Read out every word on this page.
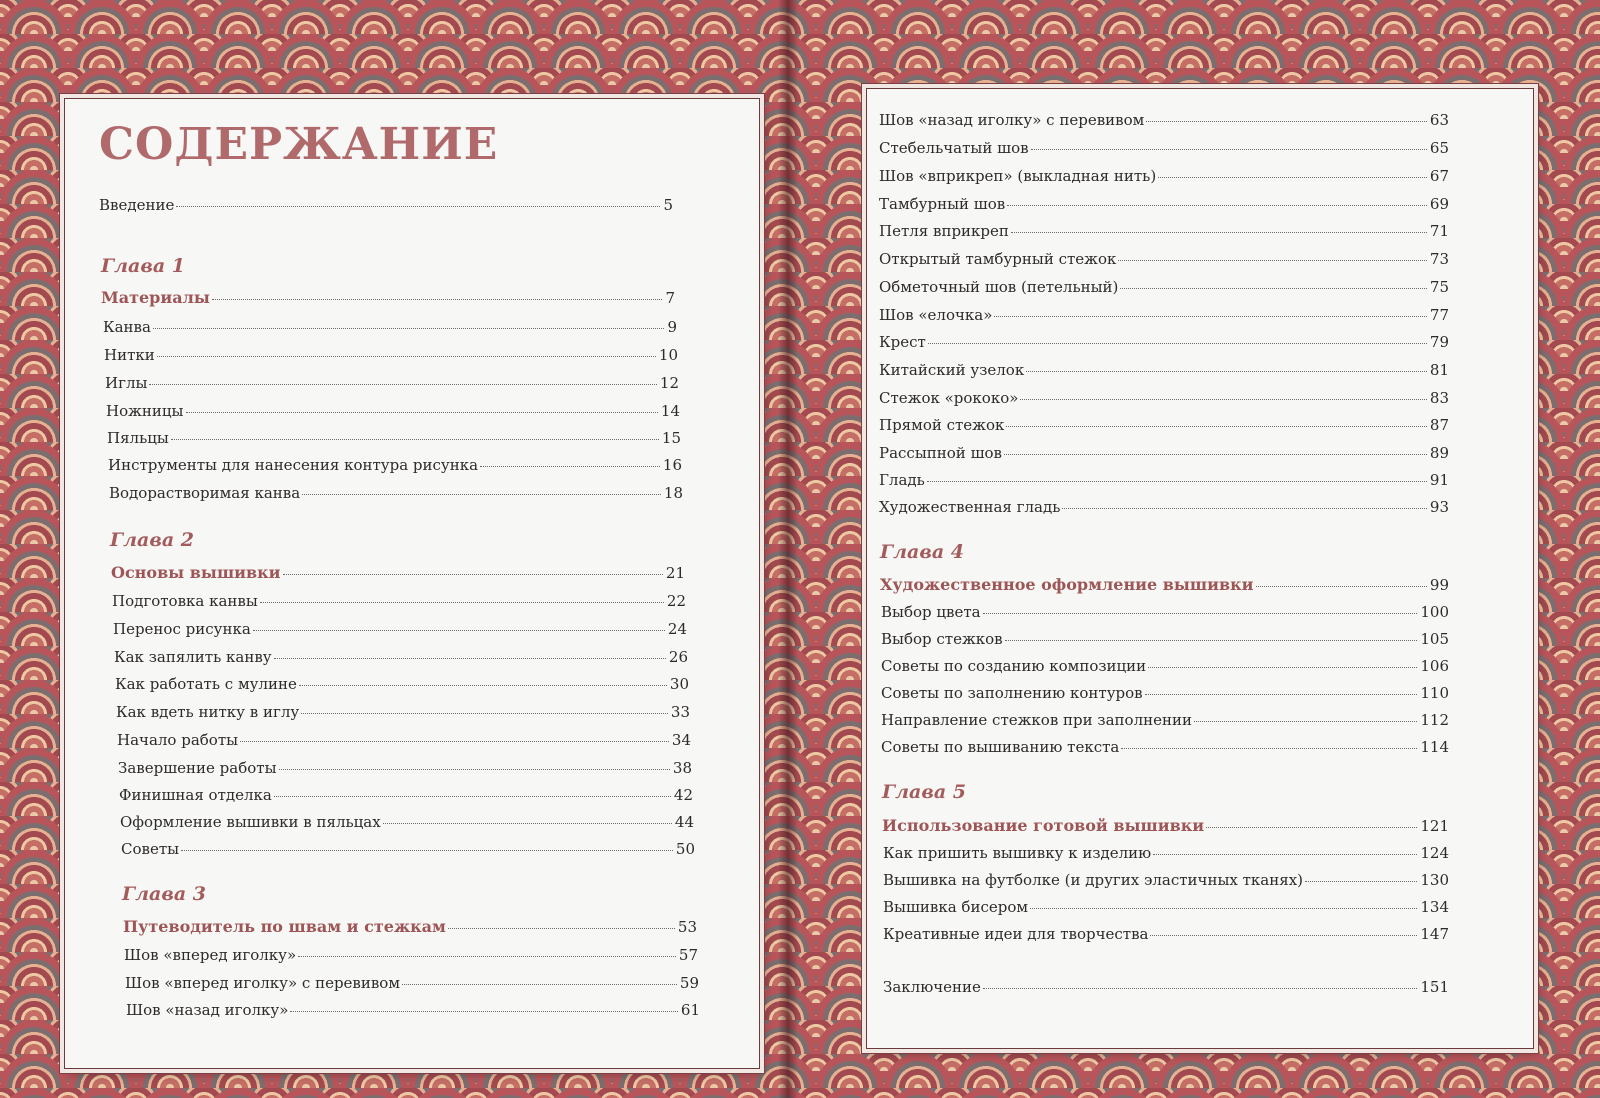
СОДЕРЖАНИЕ
Введение	5
Глава 1
Материалы	7
Канва	9
Нитки	10
Иглы	12
Ножницы	14
Пяльцы	15
Инструменты для нанесения контура рисунка	16
Водорастворимая канва	18
Глава 2
Основы вышивки	21
Подготовка канвы	22
Перенос рисунка	24
Как запялить канву	26
Как работать с мулине	30
Как вдеть нитку в иглу	33
Начало работы	34
Завершение работы	38
Финишная отделка	42
Оформление вышивки в пяльцах	44
Советы	50
Глава 3
Путеводитель по швам и стежкам	53
Шов «вперед иголку»	57
Шов «вперед иголку» с перевивом	59
Шов «назад иголку»	61
Шов «назад иголку» с перевивом	63
Стебельчатый шов	65
Шов «вприкреп» (выкладная нить)	67
Тамбурный шов	69
Петля вприкреп	71
Открытый тамбурный стежок	73
Обметочный шов (петельный)	75
Шов «елочка»	77
Крест	79
Китайский узелок	81
Стежок «рококо»	83
Прямой стежок	87
Рассыпной шов	89
Гладь	91
Художественная гладь	93
Глава 4
Художественное оформление вышивки	99
Выбор цвета	100
Выбор стежков	105
Советы по созданию композиции	106
Советы по заполнению контуров	110
Направление стежков при заполнении	112
Советы по вышиванию текста	114
Глава 5
Использование готовой вышивки	121
Как пришить вышивку к изделию	124
Вышивка на футболке (и других эластичных тканях)	130
Вышивка бисером	134
Креативные идеи для творчества	147
Заключение	151
